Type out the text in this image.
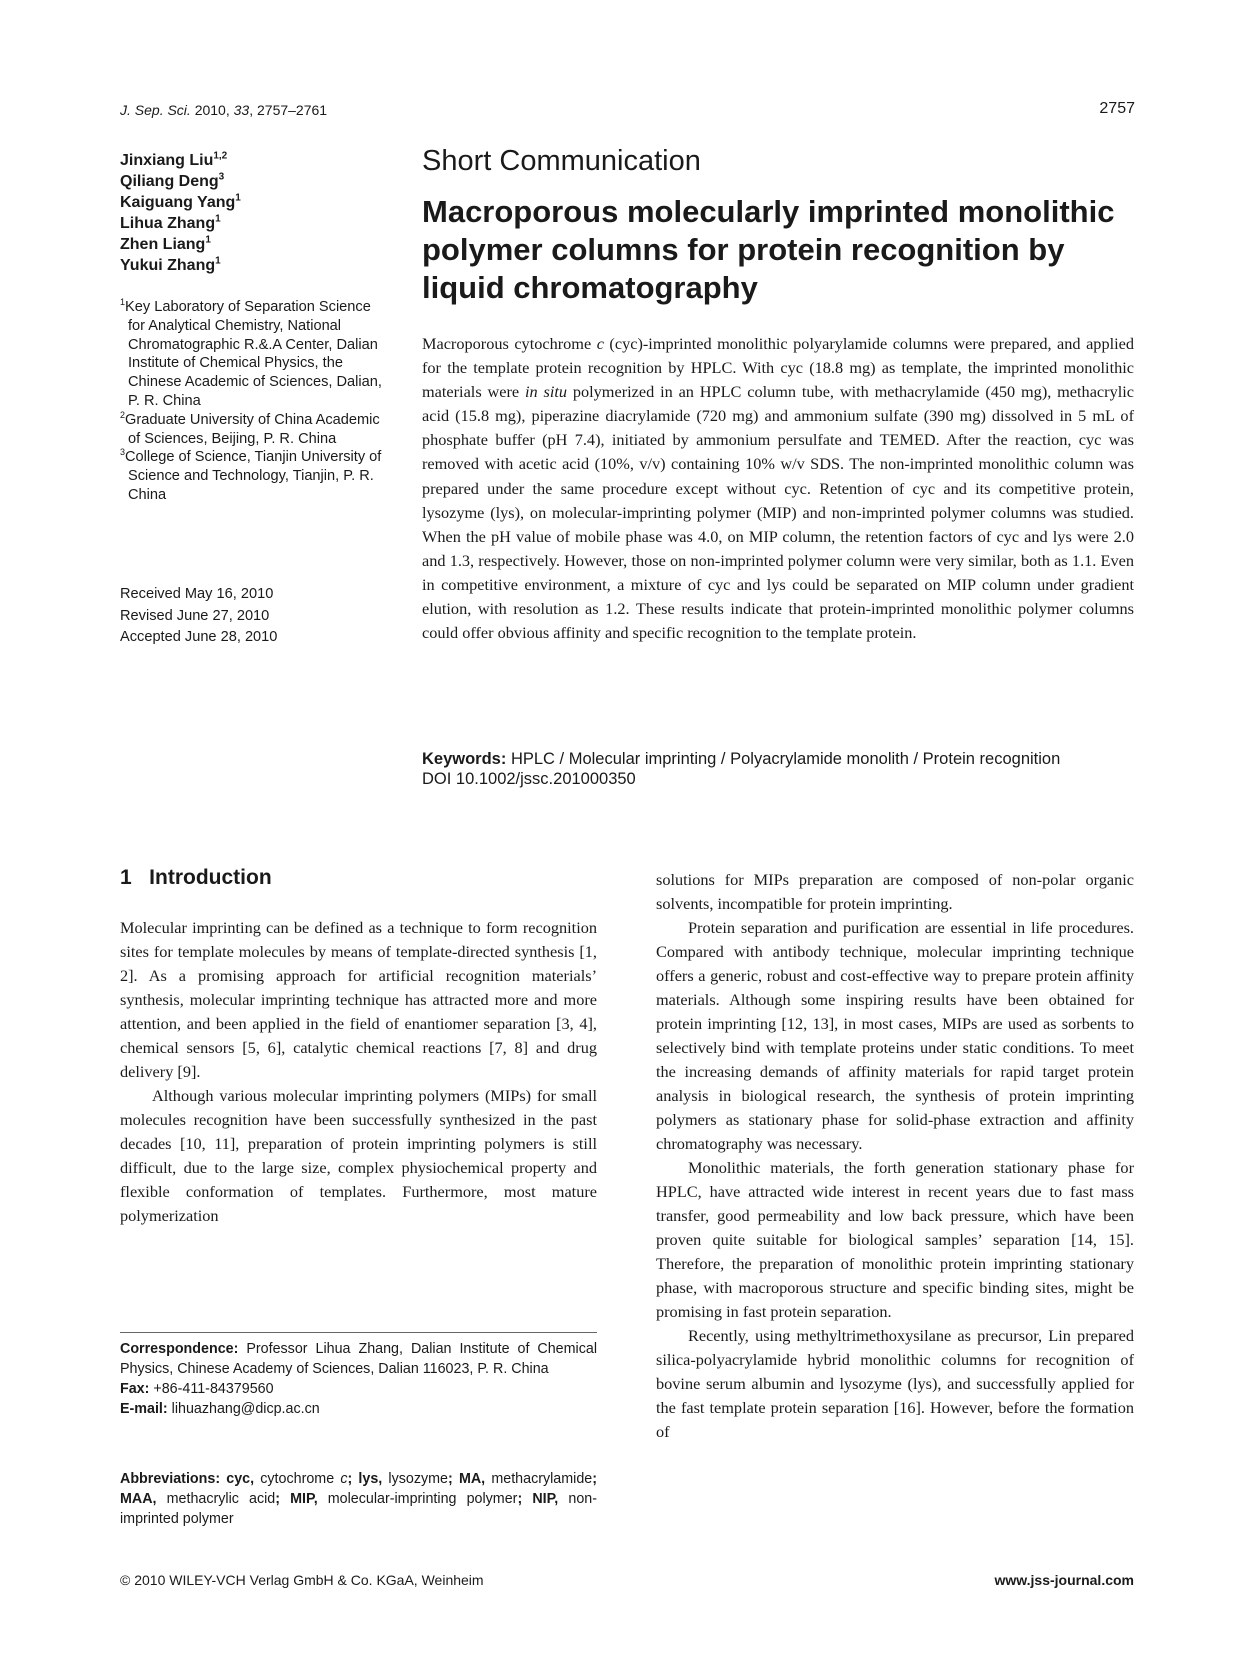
J. Sep. Sci. 2010, 33, 2757–2761	2757
Jinxiang Liu$^{1,2}$
Qiliang Deng$^3$
Kaiguang Yang$^1$
Lihua Zhang$^1$
Zhen Liang$^1$
Yukui Zhang$^1$
$^1$Key Laboratory of Separation Science for Analytical Chemistry, National Chromatographic R.&.A Center, Dalian Institute of Chemical Physics, the Chinese Academic of Sciences, Dalian, P. R. China
$^2$Graduate University of China Academic of Sciences, Beijing, P. R. China
$^3$College of Science, Tianjin University of Science and Technology, Tianjin, P. R. China
Received May 16, 2010
Revised June 27, 2010
Accepted June 28, 2010
Short Communication
Macroporous molecularly imprinted monolithic polymer columns for protein recognition by liquid chromatography
Macroporous cytochrome c (cyc)-imprinted monolithic polyarylamide columns were prepared, and applied for the template protein recognition by HPLC. With cyc (18.8 mg) as template, the imprinted monolithic materials were in situ polymerized in an HPLC column tube, with methacrylamide (450 mg), methacrylic acid (15.8 mg), piperazine diacrylamide (720 mg) and ammonium sulfate (390 mg) dissolved in 5 mL of phosphate buffer (pH 7.4), initiated by ammonium persulfate and TEMED. After the reaction, cyc was removed with acetic acid (10%, v/v) containing 10% w/v SDS. The non-imprinted monolithic column was prepared under the same procedure except without cyc. Retention of cyc and its competitive protein, lysozyme (lys), on molecular-imprinting polymer (MIP) and non-imprinted polymer columns was studied. When the pH value of mobile phase was 4.0, on MIP column, the retention factors of cyc and lys were 2.0 and 1.3, respectively. However, those on non-imprinted polymer column were very similar, both as 1.1. Even in competitive environment, a mixture of cyc and lys could be separated on MIP column under gradient elution, with resolution as 1.2. These results indicate that protein-imprinted monolithic polymer columns could offer obvious affinity and specific recognition to the template protein.
Keywords: HPLC / Molecular imprinting / Polyacrylamide monolith / Protein recognition
DOI 10.1002/jssc.201000350
1   Introduction

Molecular imprinting can be defined as a technique to form recognition sites for template molecules by means of template-directed synthesis [1, 2]. As a promising approach for artificial recognition materials’ synthesis, molecular imprinting technique has attracted more and more attention, and been applied in the field of enantiomer separation [3, 4], chemical sensors [5, 6], catalytic chemical reactions [7, 8] and drug delivery [9].

Although various molecular imprinting polymers (MIPs) for small molecules recognition have been successfully synthesized in the past decades [10, 11], preparation of protein imprinting polymers is still difficult, due to the large size, complex physiochemical property and flexible conformation of templates. Furthermore, most mature polymerization

solutions for MIPs preparation are composed of non-polar organic solvents, incompatible for protein imprinting.

Protein separation and purification are essential in life procedures. Compared with antibody technique, molecular imprinting technique offers a generic, robust and cost-effective way to prepare protein affinity materials. Although some inspiring results have been obtained for protein imprinting [12, 13], in most cases, MIPs are used as sorbents to selectively bind with template proteins under static conditions. To meet the increasing demands of affinity materials for rapid target protein analysis in biological research, the synthesis of protein imprinting polymers as stationary phase for solid-phase extraction and affinity chromatography was necessary.

Monolithic materials, the forth generation stationary phase for HPLC, have attracted wide interest in recent years due to fast mass transfer, good permeability and low back pressure, which have been proven quite suitable for biological samples’ separation [14, 15]. Therefore, the preparation of monolithic protein imprinting stationary phase, with macroporous structure and specific binding sites, might be promising in fast protein separation.

Recently, using methyltrimethoxysilane as precursor, Lin prepared silica-polyacrylamide hybrid monolithic columns for recognition of bovine serum albumin and lysozyme (lys), and successfully applied for the fast template protein separation [16]. However, before the formation of

Correspondence: Professor Lihua Zhang, Dalian Institute of Chemical Physics, Chinese Academy of Sciences, Dalian 116023, P. R. China
Fax: +86-411-84379560
E-mail: lihuazhang@dicp.ac.cn
Abbreviations: cyc, cytochrome c; lys, lysozyme; MA, methacrylamide; MAA, methacrylic acid; MIP, molecular-imprinting polymer; NIP, non-imprinted polymer
© 2010 WILEY-VCH Verlag GmbH & Co. KGaA, Weinheim	www.jss-journal.com
